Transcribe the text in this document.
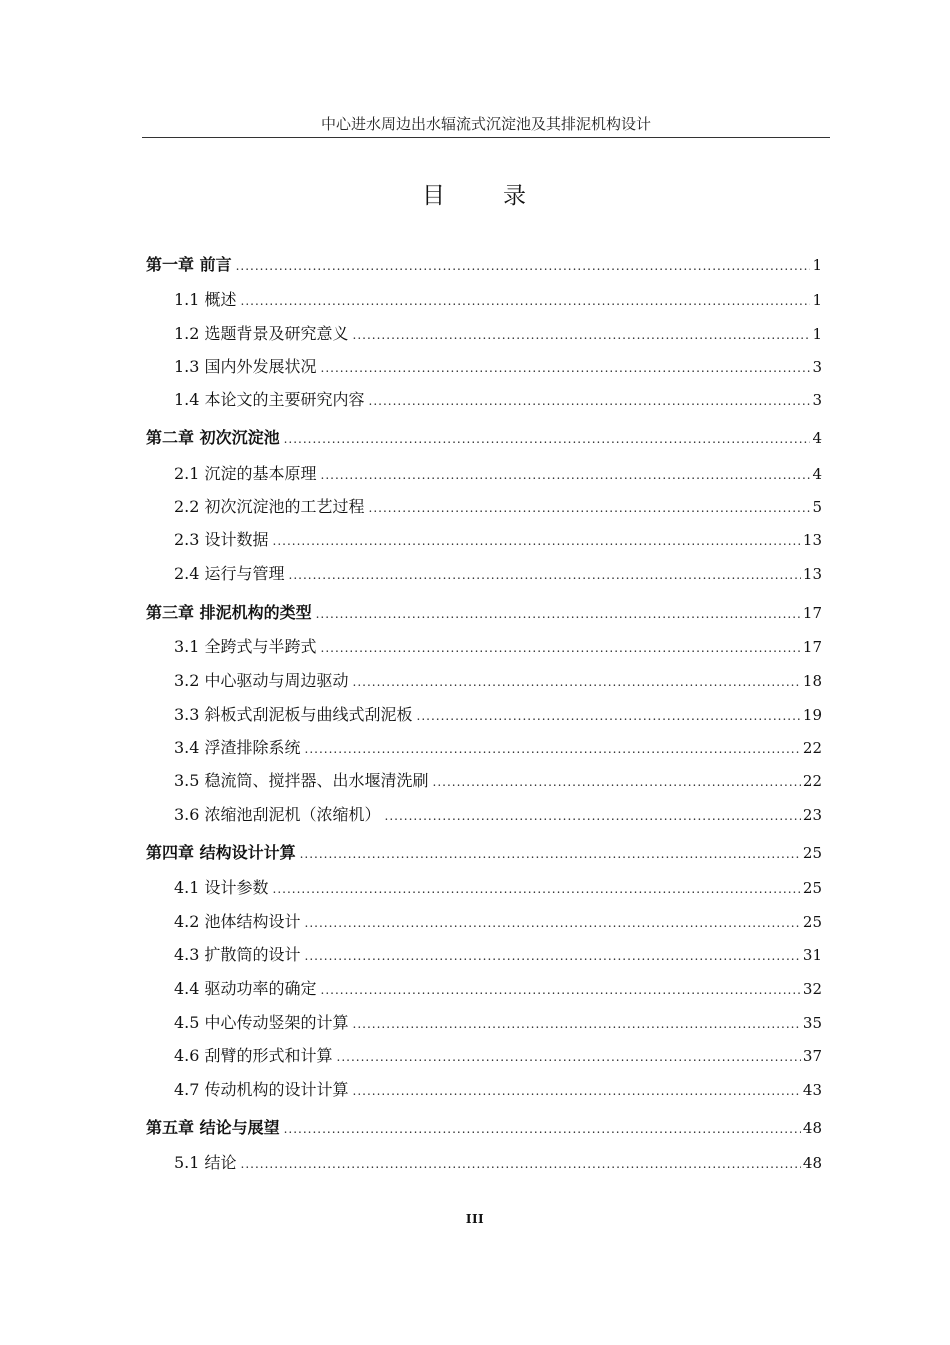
中心进水周边出水辐流式沉淀池及其排泥机构设计
目 录
第一章 前言 .....	1
1.1 概述 .....	1
1.2 选题背景及研究意义 .....	1
1.3 国内外发展状况 .....	3
1.4 本论文的主要研究内容 .....	3
第二章 初次沉淀池 .....	4
2.1 沉淀的基本原理 .....	4
2.2 初次沉淀池的工艺过程 .....	5
2.3 设计数据 .....	13
2.4 运行与管理 .....	13
第三章 排泥机构的类型 .....	17
3.1 全跨式与半跨式 .....	17
3.2 中心驱动与周边驱动 .....	18
3.3 斜板式刮泥板与曲线式刮泥板 .....	19
3.4 浮渣排除系统 .....	22
3.5 稳流筒、搅拌器、出水堰清洗刷 .....	22
3.6 浓缩池刮泥机（浓缩机） .....	23
第四章 结构设计计算 .....	25
4.1 设计参数 .....	25
4.2 池体结构设计 .....	25
4.3 扩散筒的设计 .....	31
4.4 驱动功率的确定 .....	32
4.5 中心传动竖架的计算 .....	35
4.6 刮臂的形式和计算 .....	37
4.7 传动机构的设计计算 .....	43
第五章 结论与展望 .....	48
5.1 结论 .....	48
III
